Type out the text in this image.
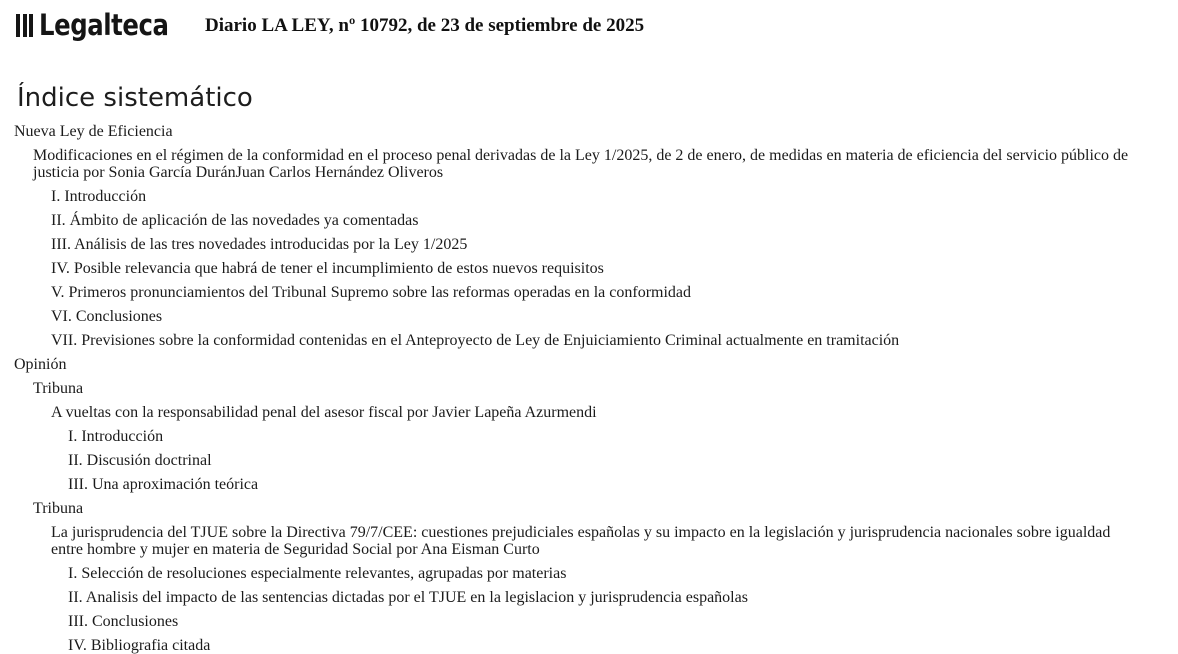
Legalteca Diario LA LEY, nº 10792, de 23 de septiembre de 2025
Índice sistemático
Nueva Ley de Eficiencia
Modificaciones en el régimen de la conformidad en el proceso penal derivadas de la Ley 1/2025, de 2 de enero, de medidas en materia de eficiencia del servicio público de justicia por Sonia García DuránJuan Carlos Hernández Oliveros
I. Introducción
II. Ámbito de aplicación de las novedades ya comentadas
III. Análisis de las tres novedades introducidas por la Ley 1/2025
IV. Posible relevancia que habrá de tener el incumplimiento de estos nuevos requisitos
V. Primeros pronunciamientos del Tribunal Supremo sobre las reformas operadas en la conformidad
VI. Conclusiones
VII. Previsiones sobre la conformidad contenidas en el Anteproyecto de Ley de Enjuiciamiento Criminal actualmente en tramitación
Opinión
Tribuna
A vueltas con la responsabilidad penal del asesor fiscal por Javier Lapeña Azurmendi
I. Introducción
II. Discusión doctrinal
III. Una aproximación teórica
Tribuna
La jurisprudencia del TJUE sobre la Directiva 79/7/CEE: cuestiones prejudiciales españolas y su impacto en la legislación y jurisprudencia nacionales sobre igualdad entre hombre y mujer en materia de Seguridad Social por Ana Eisman Curto
I. Selección de resoluciones especialmente relevantes, agrupadas por materias
II. Analisis del impacto de las sentencias dictadas por el TJUE en la legislacion y jurisprudencia españolas
III. Conclusiones
IV. Bibliografia citada
